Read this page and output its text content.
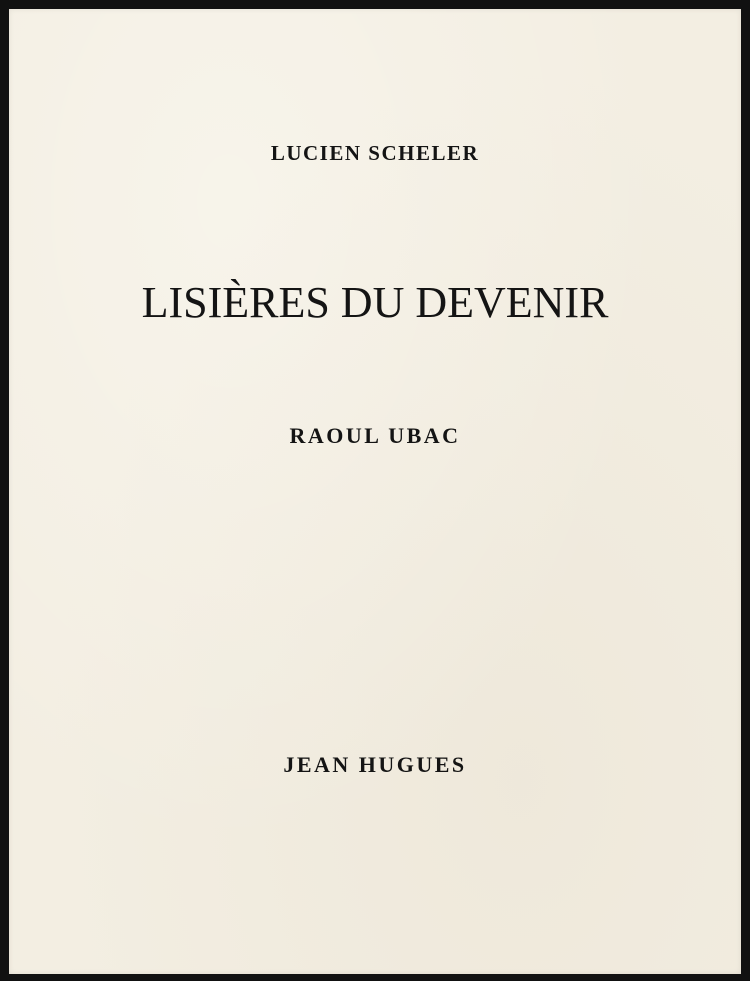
LUCIEN SCHELER
LISIÈRES DU DEVENIR
RAOUL UBAC
JEAN HUGUES
